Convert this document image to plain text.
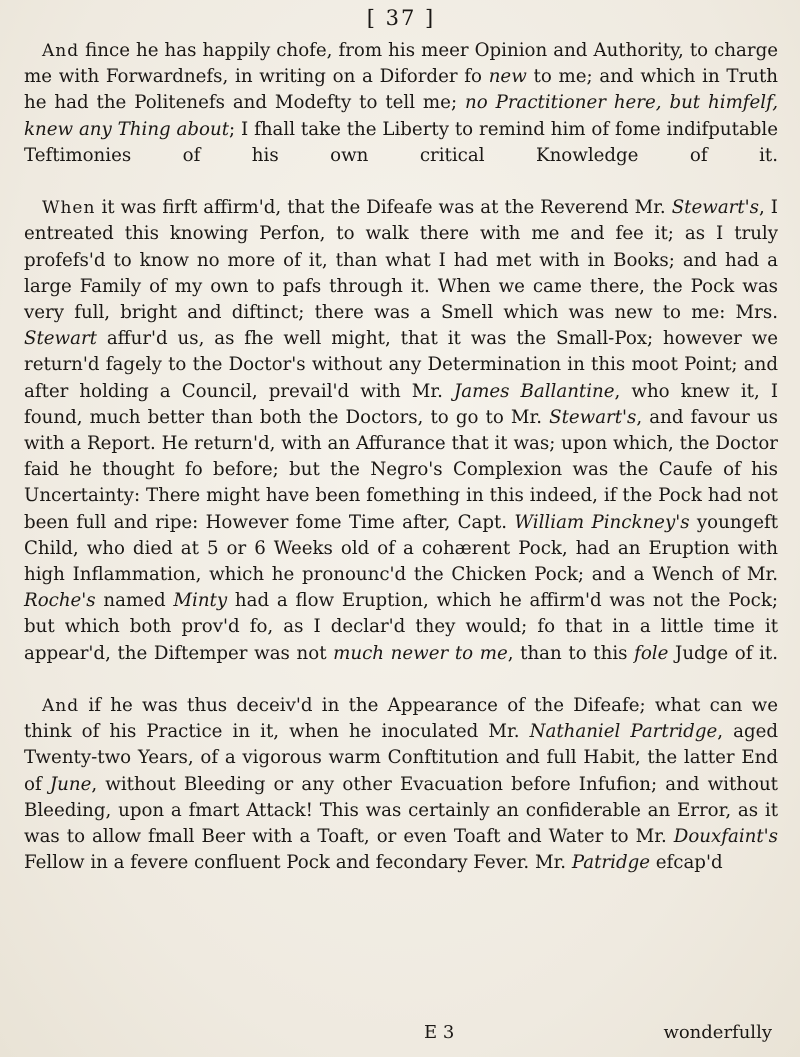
[ 37 ]

And fince he has happily chofe, from his meer Opinion and Authority, to charge me with Forwardnefs, in writing on a Diforder fo new to me; and which in Truth he had the Politenefs and Modefty to tell me; no Practitioner here, but himfelf, knew any Thing about; I fhall take the Liberty to remind him of fome indifputable Teftimonies of his own critical Knowledge of it.

When it was firft affirm'd, that the Difeafe was at the Reverend Mr. Stewart's, I entreated this knowing Perfon, to walk there with me and fee it; as I truly profefs'd to know no more of it, than what I had met with in Books; and had a large Family of my own to pafs through it. When we came there, the Pock was very full, bright and diftinct; there was a Smell which was new to me: Mrs. Stewart affur'd us, as fhe well might, that it was the Small-Pox; however we return'd fagely to the Doctor's without any Determination in this moot Point; and after holding a Council, prevail'd with Mr. James Ballantine, who knew it, I found, much better than both the Doctors, to go to Mr. Stewart's, and favour us with a Report. He return'd, with an Affurance that it was; upon which, the Doctor faid he thought fo before; but the Negro's Complexion was the Caufe of his Uncertainty: There might have been fomething in this indeed, if the Pock had not been full and ripe: However fome Time after, Capt. William Pinckney's youngeft Child, who died at 5 or 6 Weeks old of a cohærent Pock, had an Eruption with high Inflammation, which he pronounc'd the Chicken Pock; and a Wench of Mr. Roche's named Minty had a flow Eruption, which he affirm'd was not the Pock; but which both prov'd fo, as I declar'd they would; fo that in a little time it appear'd, the Diftemper was not much newer to me, than to this fole Judge of it.

And if he was thus deceiv'd in the Appearance of the Difeafe; what can we think of his Practice in it, when he inoculated Mr. Nathaniel Partridge, aged Twenty-two Years, of a vigorous warm Conftitution and full Habit, the latter End of June, without Bleeding or any other Evacuation before Infufion; and without Bleeding, upon a fmart Attack! This was certainly an confiderable an Error, as it was to allow fmall Beer with a Toaft, or even Toaft and Water to Mr. Douxfaint's Fellow in a fevere confluent Pock and fecondary Fever. Mr. Patridge efcap'd

E 3	wonderfully
